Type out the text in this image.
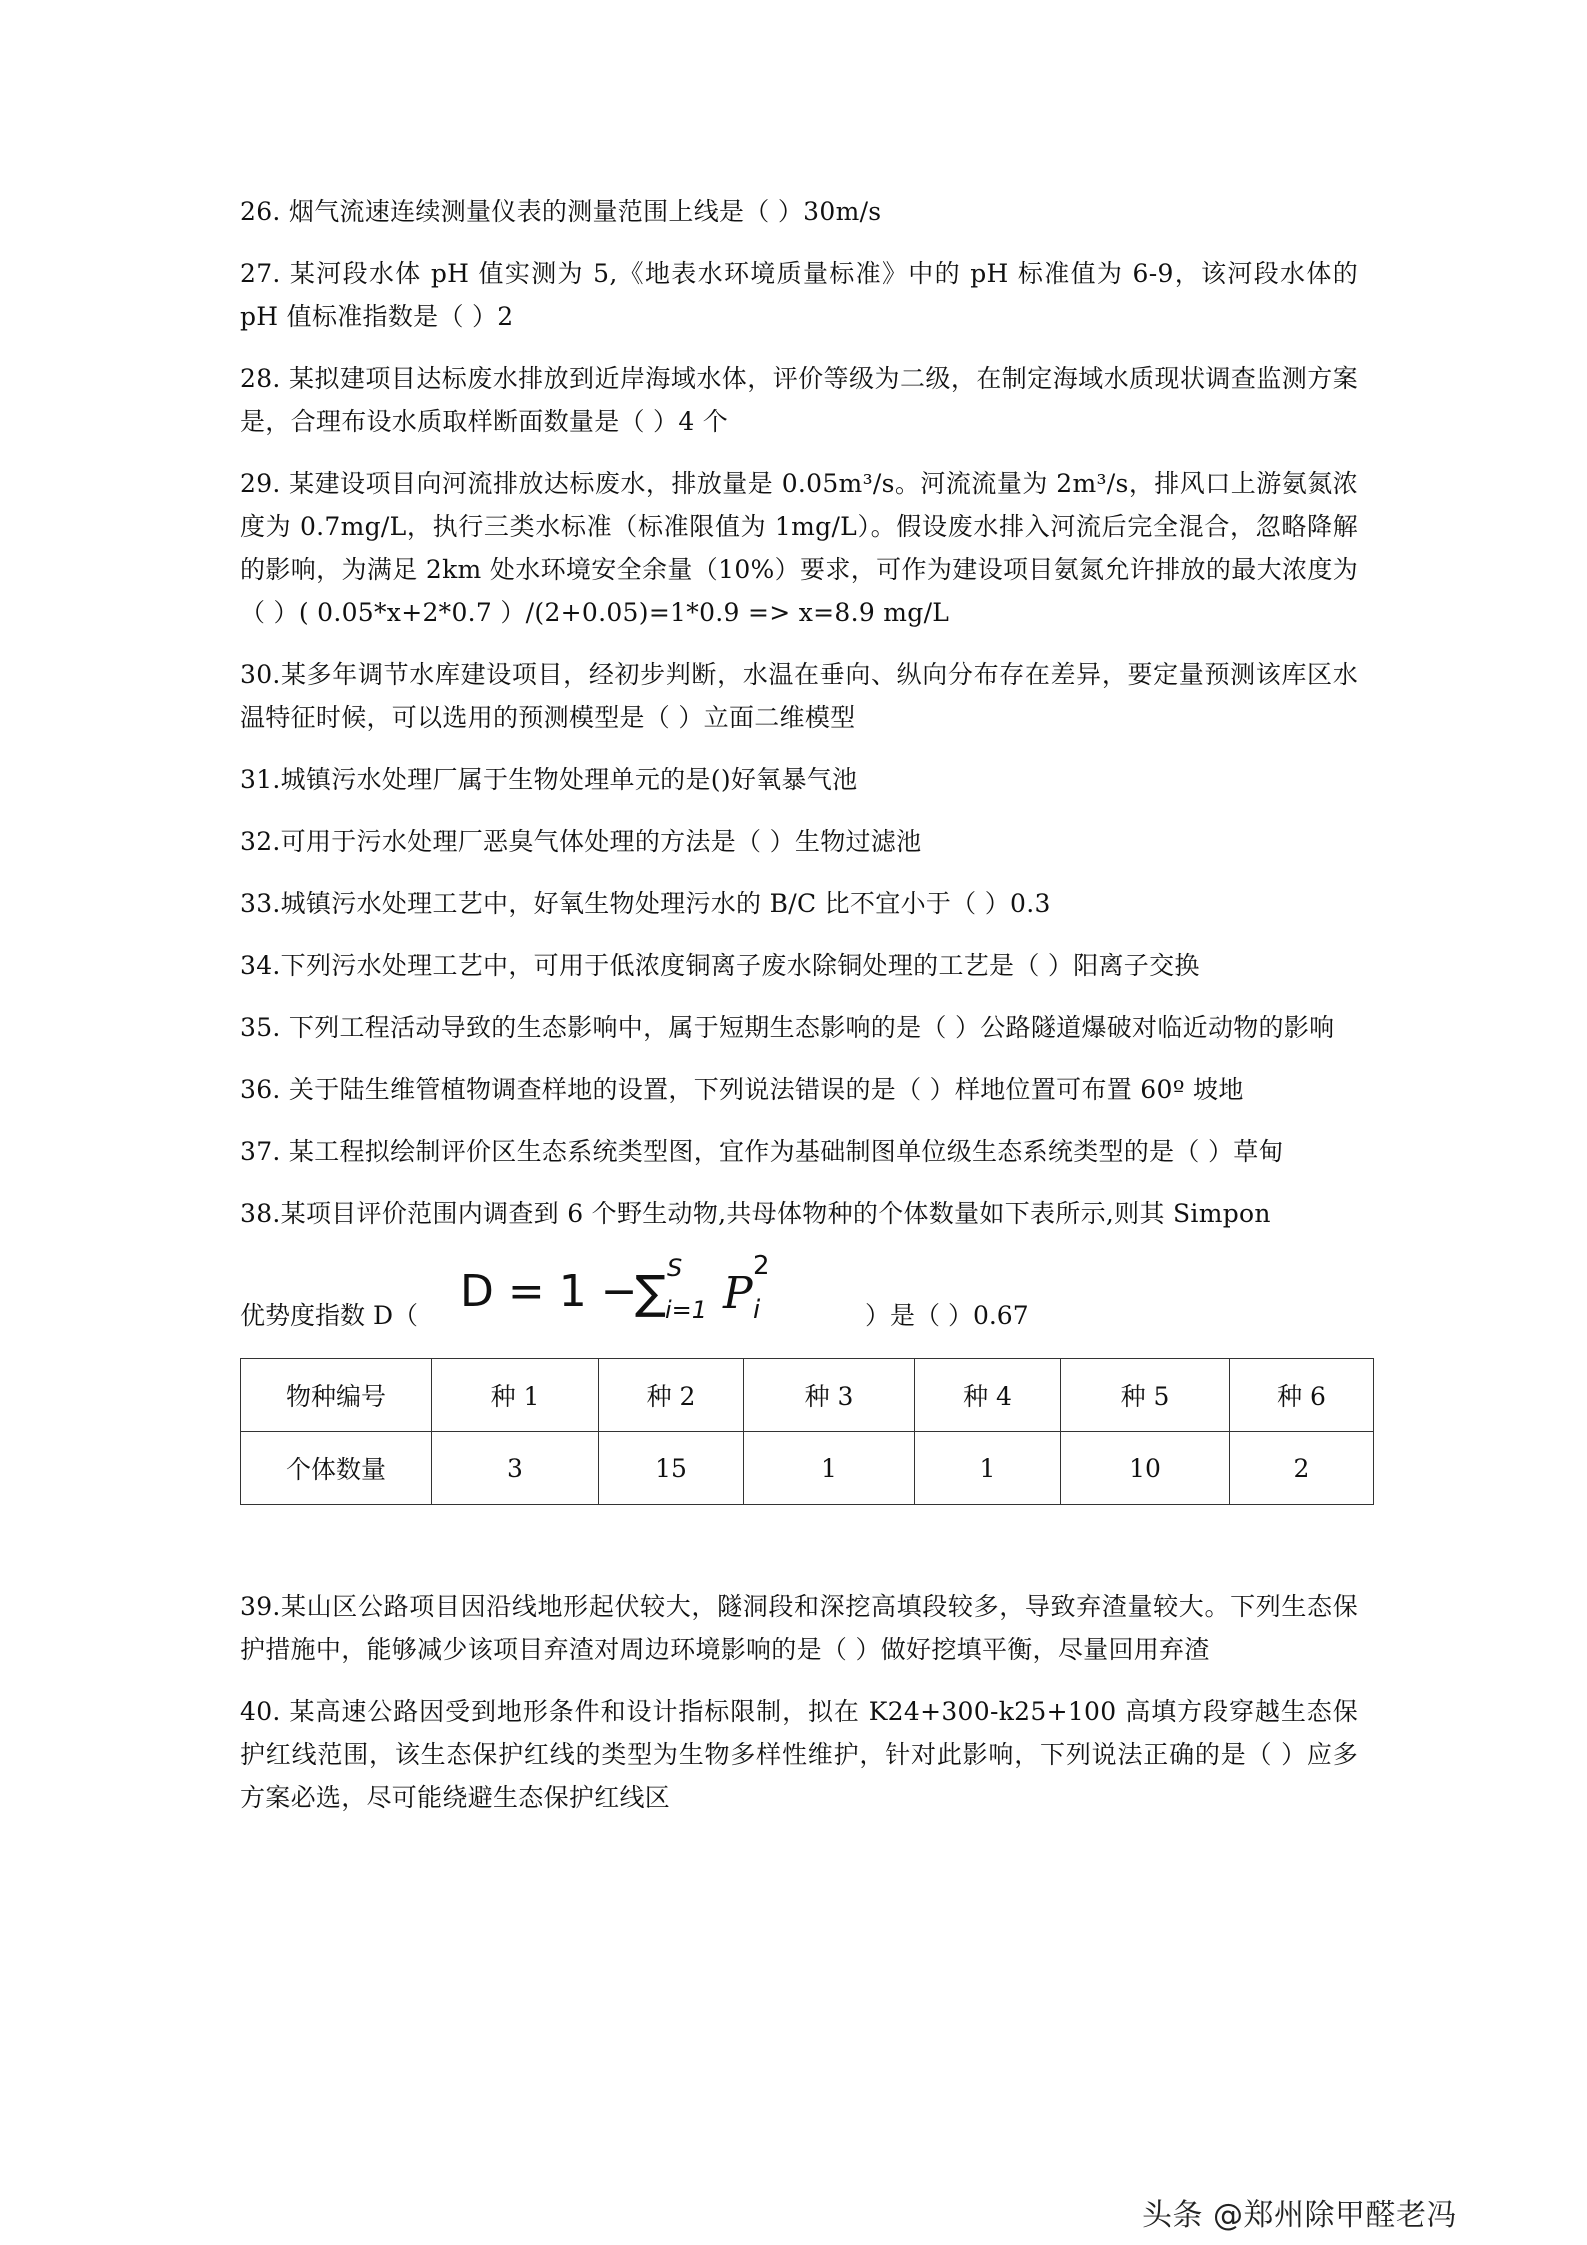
26. 烟气流速连续测量仪表的测量范围上线是（ ）30m/s

27. 某河段水体 pH 值实测为 5,《地表水环境质量标准》中的 pH 标准值为 6-9，该河段水体的 pH 值标准指数是（ ）2

28. 某拟建项目达标废水排放到近岸海域水体，评价等级为二级，在制定海域水质现状调查监测方案是，合理布设水质取样断面数量是（ ）4 个

29. 某建设项目向河流排放达标废水，排放量是 0.05m³/s。河流流量为 2m³/s，排风口上游氨氮浓度为 0.7mg/L，执行三类水标准（标准限值为 1mg/L）。假设废水排入河流后完全混合，忽略降解的影响，为满足 2km 处水环境安全余量（10%）要求，可作为建设项目氨氮允许排放的最大浓度为（ ）( 0.05*x+2*0.7 ）/(2+0.05)=1*0.9 => x=8.9 mg/L

30.某多年调节水库建设项目，经初步判断，水温在垂向、纵向分布存在差异，要定量预测该库区水温特征时候，可以选用的预测模型是（ ）立面二维模型

31.城镇污水处理厂属于生物处理单元的是()好氧暴气池

32.可用于污水处理厂恶臭气体处理的方法是（ ）生物过滤池

33.城镇污水处理工艺中，好氧生物处理污水的 B/C 比不宜小于（ ）0.3

34.下列污水处理工艺中，可用于低浓度铜离子废水除铜处理的工艺是（ ）阳离子交换

35. 下列工程活动导致的生态影响中，属于短期生态影响的是（ ）公路隧道爆破对临近动物的影响

36. 关于陆生维管植物调查样地的设置，下列说法错误的是（ ）样地位置可布置 60º 坡地

37. 某工程拟绘制评价区生态系统类型图，宜作为基础制图单位级生态系统类型的是（ ）草甸

38.某项目评价范围内调查到 6 个野生动物,共母体物种的个体数量如下表所示,则其 Simpon

优势度指数 D（ D = 1 −
∑ S
i=1 P
2
i	）是（ ）0.67
物种编号	种 1	种 2	种 3	种 4	种 5	种 6
个体数量	3	15	1	1	10	2

39.某山区公路项目因沿线地形起伏较大，隧洞段和深挖高填段较多，导致弃渣量较大。下列生态保护措施中，能够减少该项目弃渣对周边环境影响的是（ ）做好挖填平衡，尽量回用弃渣

40. 某高速公路因受到地形条件和设计指标限制，拟在 K24+300-k25+100 高填方段穿越生态保护红线范围，该生态保护红线的类型为生物多样性维护，针对此影响，下列说法正确的是（ ）应多方案必选，尽可能绕避生态保护红线区

头条 @郑州除甲醛老冯
